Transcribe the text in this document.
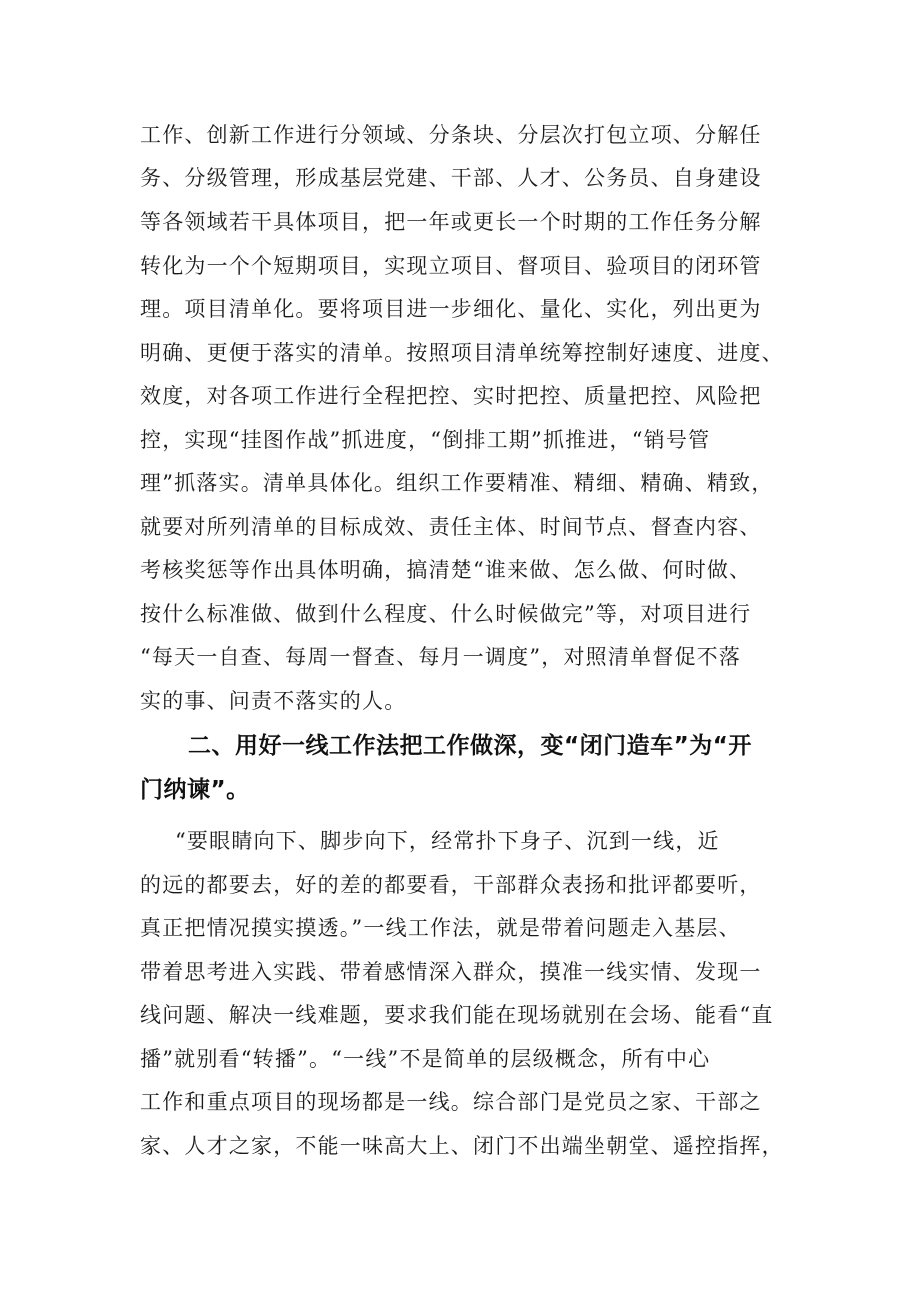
工作、创新工作进行分领域、分条块、分层次打包立项、分解任
务、分级管理，形成基层党建、干部、人才、公务员、自身建设
等各领域若干具体项目，把一年或更长一个时期的工作任务分解
转化为一个个短期项目，实现立项目、督项目、验项目的闭环管
理。项目清单化。要将项目进一步细化、量化、实化，列出更为
明确、更便于落实的清单。按照项目清单统筹控制好速度、进度、
效度，对各项工作进行全程把控、实时把控、质量把控、风险把
控，实现“挂图作战”抓进度，“倒排工期”抓推进，“销号管
理”抓落实。清单具体化。组织工作要精准、精细、精确、精致，
就要对所列清单的目标成效、责任主体、时间节点、督查内容、
考核奖惩等作出具体明确，搞清楚“谁来做、怎么做、何时做、
按什么标准做、做到什么程度、什么时候做完”等，对项目进行
“每天一自查、每周一督查、每月一调度”，对照清单督促不落
实的事、问责不落实的人。
二、用好一线工作法把工作做深，变“闭门造车”为“开
门纳谏”。
“要眼睛向下、脚步向下，经常扑下身子、沉到一线，近
的远的都要去，好的差的都要看，干部群众表扬和批评都要听，
真正把情况摸实摸透。”一线工作法，就是带着问题走入基层、
带着思考进入实践、带着感情深入群众，摸准一线实情、发现一
线问题、解决一线难题，要求我们能在现场就别在会场、能看“直
播”就别看“转播”。“一线”不是简单的层级概念，所有中心
工作和重点项目的现场都是一线。综合部门是党员之家、干部之
家、人才之家，不能一味高大上、闭门不出端坐朝堂、遥控指挥，
